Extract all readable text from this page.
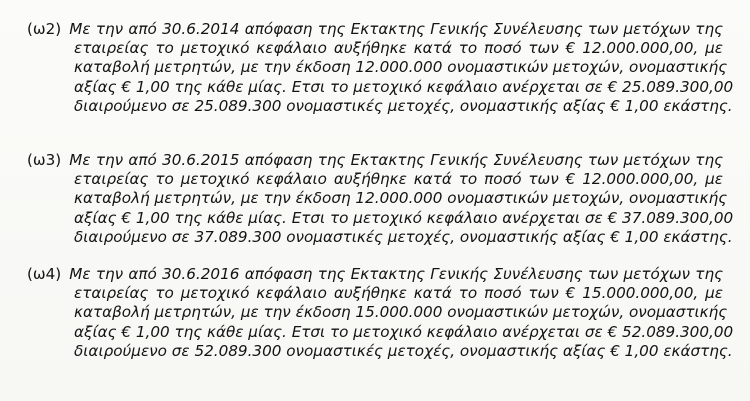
(ω2) Με την από 30.6.2014 απόφαση της Εκτακτης Γενικής Συνέλευσης των μετόχων της
εταιρείας το μετοχικό κεφάλαιο αυξήθηκε κατά το ποσό των € 12.000.000,00, με
καταβολή μετρητών, με την έκδοση 12.000.000 ονομαστικών μετοχών, ονομαστικής
αξίας € 1,00 της κάθε μίας. Ετσι το μετοχικό κεφάλαιο ανέρχεται σε € 25.089.300,00
διαιρούμενο σε 25.089.300 ονομαστικές μετοχές, ονομαστικής αξίας € 1,00 εκάστης.
(ω3) Με την από 30.6.2015 απόφαση της Εκτακτης Γενικής Συνέλευσης των μετόχων της
εταιρείας το μετοχικό κεφάλαιο αυξήθηκε κατά το ποσό των € 12.000.000,00, με
καταβολή μετρητών, με την έκδοση 12.000.000 ονομαστικών μετοχών, ονομαστικής
αξίας € 1,00 της κάθε μίας. Ετσι το μετοχικό κεφάλαιο ανέρχεται σε € 37.089.300,00
διαιρούμενο σε 37.089.300 ονομαστικές μετοχές, ονομαστικής αξίας € 1,00 εκάστης.
(ω4) Με την από 30.6.2016 απόφαση της Εκτακτης Γενικής Συνέλευσης των μετόχων της
εταιρείας το μετοχικό κεφάλαιο αυξήθηκε κατά το ποσό των € 15.000.000,00, με
καταβολή μετρητών, με την έκδοση 15.000.000 ονομαστικών μετοχών, ονομαστικής
αξίας € 1,00 της κάθε μίας. Ετσι το μετοχικό κεφάλαιο ανέρχεται σε € 52.089.300,00
διαιρούμενο σε 52.089.300 ονομαστικές μετοχές, ονομαστικής αξίας € 1,00 εκάστης.
